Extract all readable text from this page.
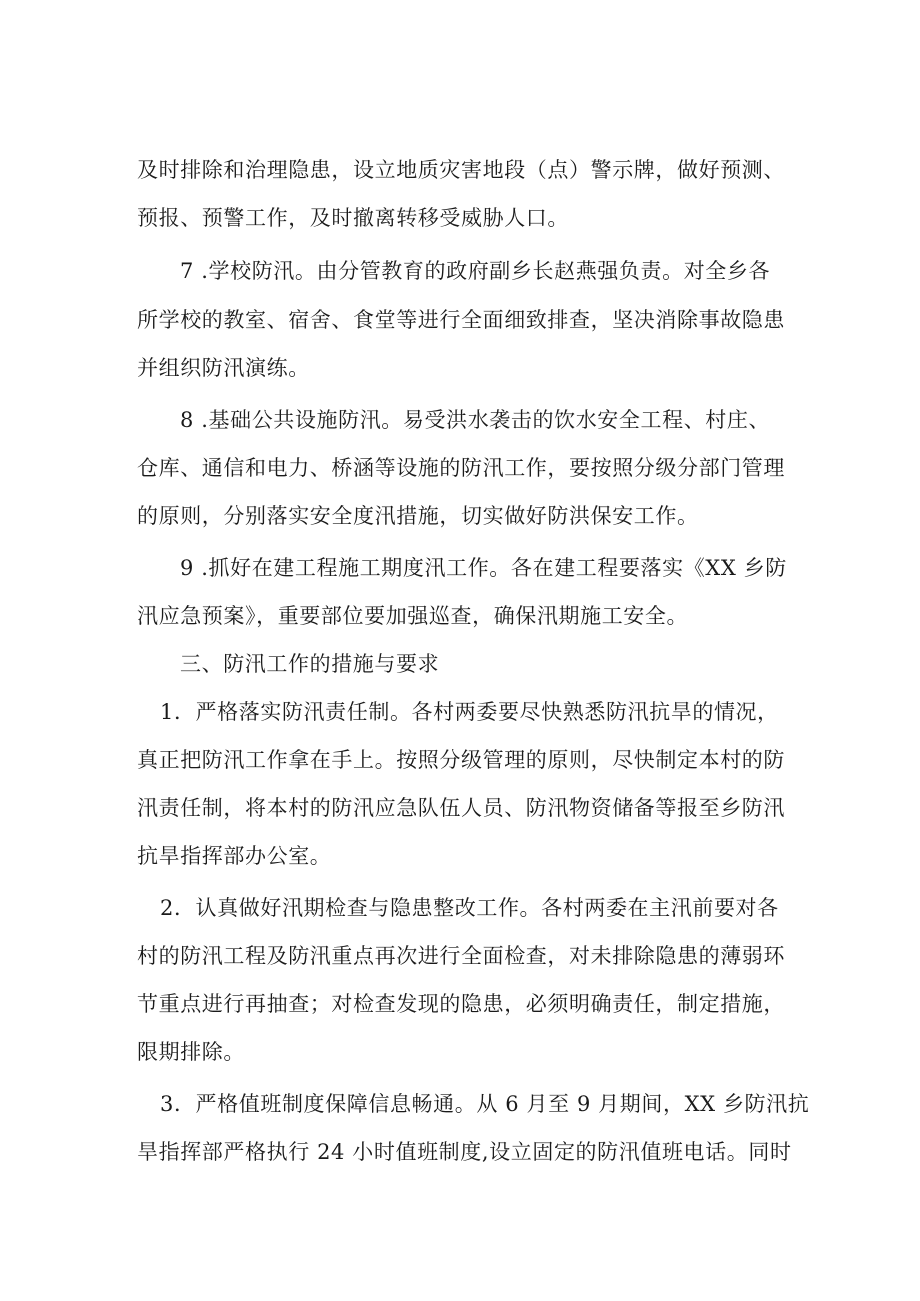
及时排除和治理隐患，设立地质灾害地段（点）警示牌，做好预测、
预报、预警工作，及时撤离转移受威胁人口。
7 .学校防汛。由分管教育的政府副乡长赵燕强负责。对全乡各
所学校的教室、宿舍、食堂等进行全面细致排查，坚决消除事故隐患
并组织防汛演练。
8 .基础公共设施防汛。易受洪水袭击的饮水安全工程、村庄、
仓库、通信和电力、桥涵等设施的防汛工作，要按照分级分部门管理
的原则，分别落实安全度汛措施，切实做好防洪保安工作。
9 .抓好在建工程施工期度汛工作。各在建工程要落实《XX 乡防
汛应急预案》，重要部位要加强巡查，确保汛期施工安全。
三、防汛工作的措施与要求
1．严格落实防汛责任制。各村两委要尽快熟悉防汛抗旱的情况，
真正把防汛工作拿在手上。按照分级管理的原则，尽快制定本村的防
汛责任制，将本村的防汛应急队伍人员、防汛物资储备等报至乡防汛
抗旱指挥部办公室。
2．认真做好汛期检查与隐患整改工作。各村两委在主汛前要对各
村的防汛工程及防汛重点再次进行全面检查，对未排除隐患的薄弱环
节重点进行再抽查；对检查发现的隐患，必须明确责任，制定措施，
限期排除。
3．严格值班制度保障信息畅通。从 6 月至 9 月期间，XX 乡防汛抗
旱指挥部严格执行 24 小时值班制度,设立固定的防汛值班电话。同时
